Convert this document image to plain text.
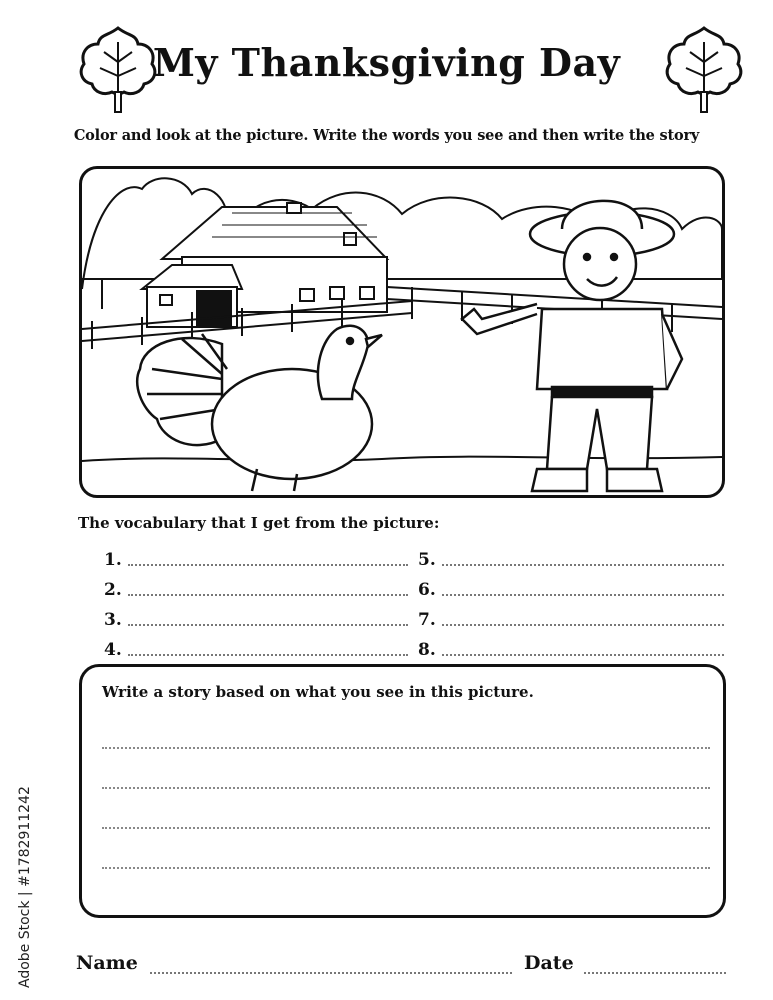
My Thanksgiving Day
Color and look at the picture. Write the words you see and then write the story
The vocabulary that I get from the picture:
1.
2.
3.
4.
5.
6.
7.
8.
Write a story based on what you see in this picture.
Name	Date
Adobe Stock | #1782911242
